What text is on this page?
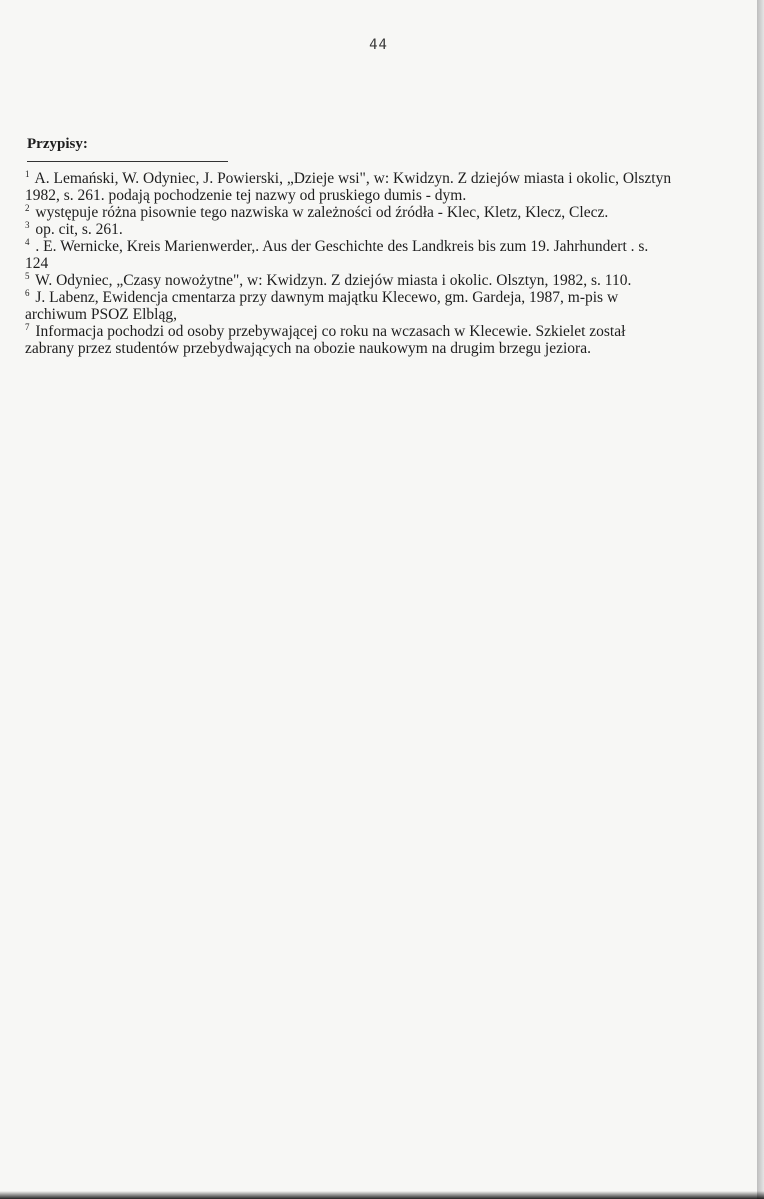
44
Przypisy:
$^1$ A. Lemański, W. Odyniec, J. Powierski, „Dzieje wsi", w: Kwidzyn. Z dziejów miasta i okolic, Olsztyn 1982, s. 261. podają pochodzenie tej nazwy od pruskiego dumis - dym.
$^2$ występuje różna pisownie tego nazwiska w zależności od źródła - Klec, Kletz, Klecz, Clecz.
$^3$ op. cit, s. 261.
$^4$ . E. Wernicke, Kreis Marienwerder,. Aus der Geschichte des Landkreis bis zum 19. Jahrhundert . s. 124
$^5$ W. Odyniec, „Czasy nowożytne", w: Kwidzyn. Z dziejów miasta i okolic. Olsztyn, 1982, s. 110.
$^6$ J. Labenz, Ewidencja cmentarza przy dawnym majątku Klecewo, gm. Gardeja, 1987, m-pis w archiwum PSOZ Elbląg,
$^7$ Informacja pochodzi od osoby przebywającej co roku na wczasach w Klecewie. Szkielet został zabrany przez studentów przebydwających na obozie naukowym na drugim brzegu jeziora.
